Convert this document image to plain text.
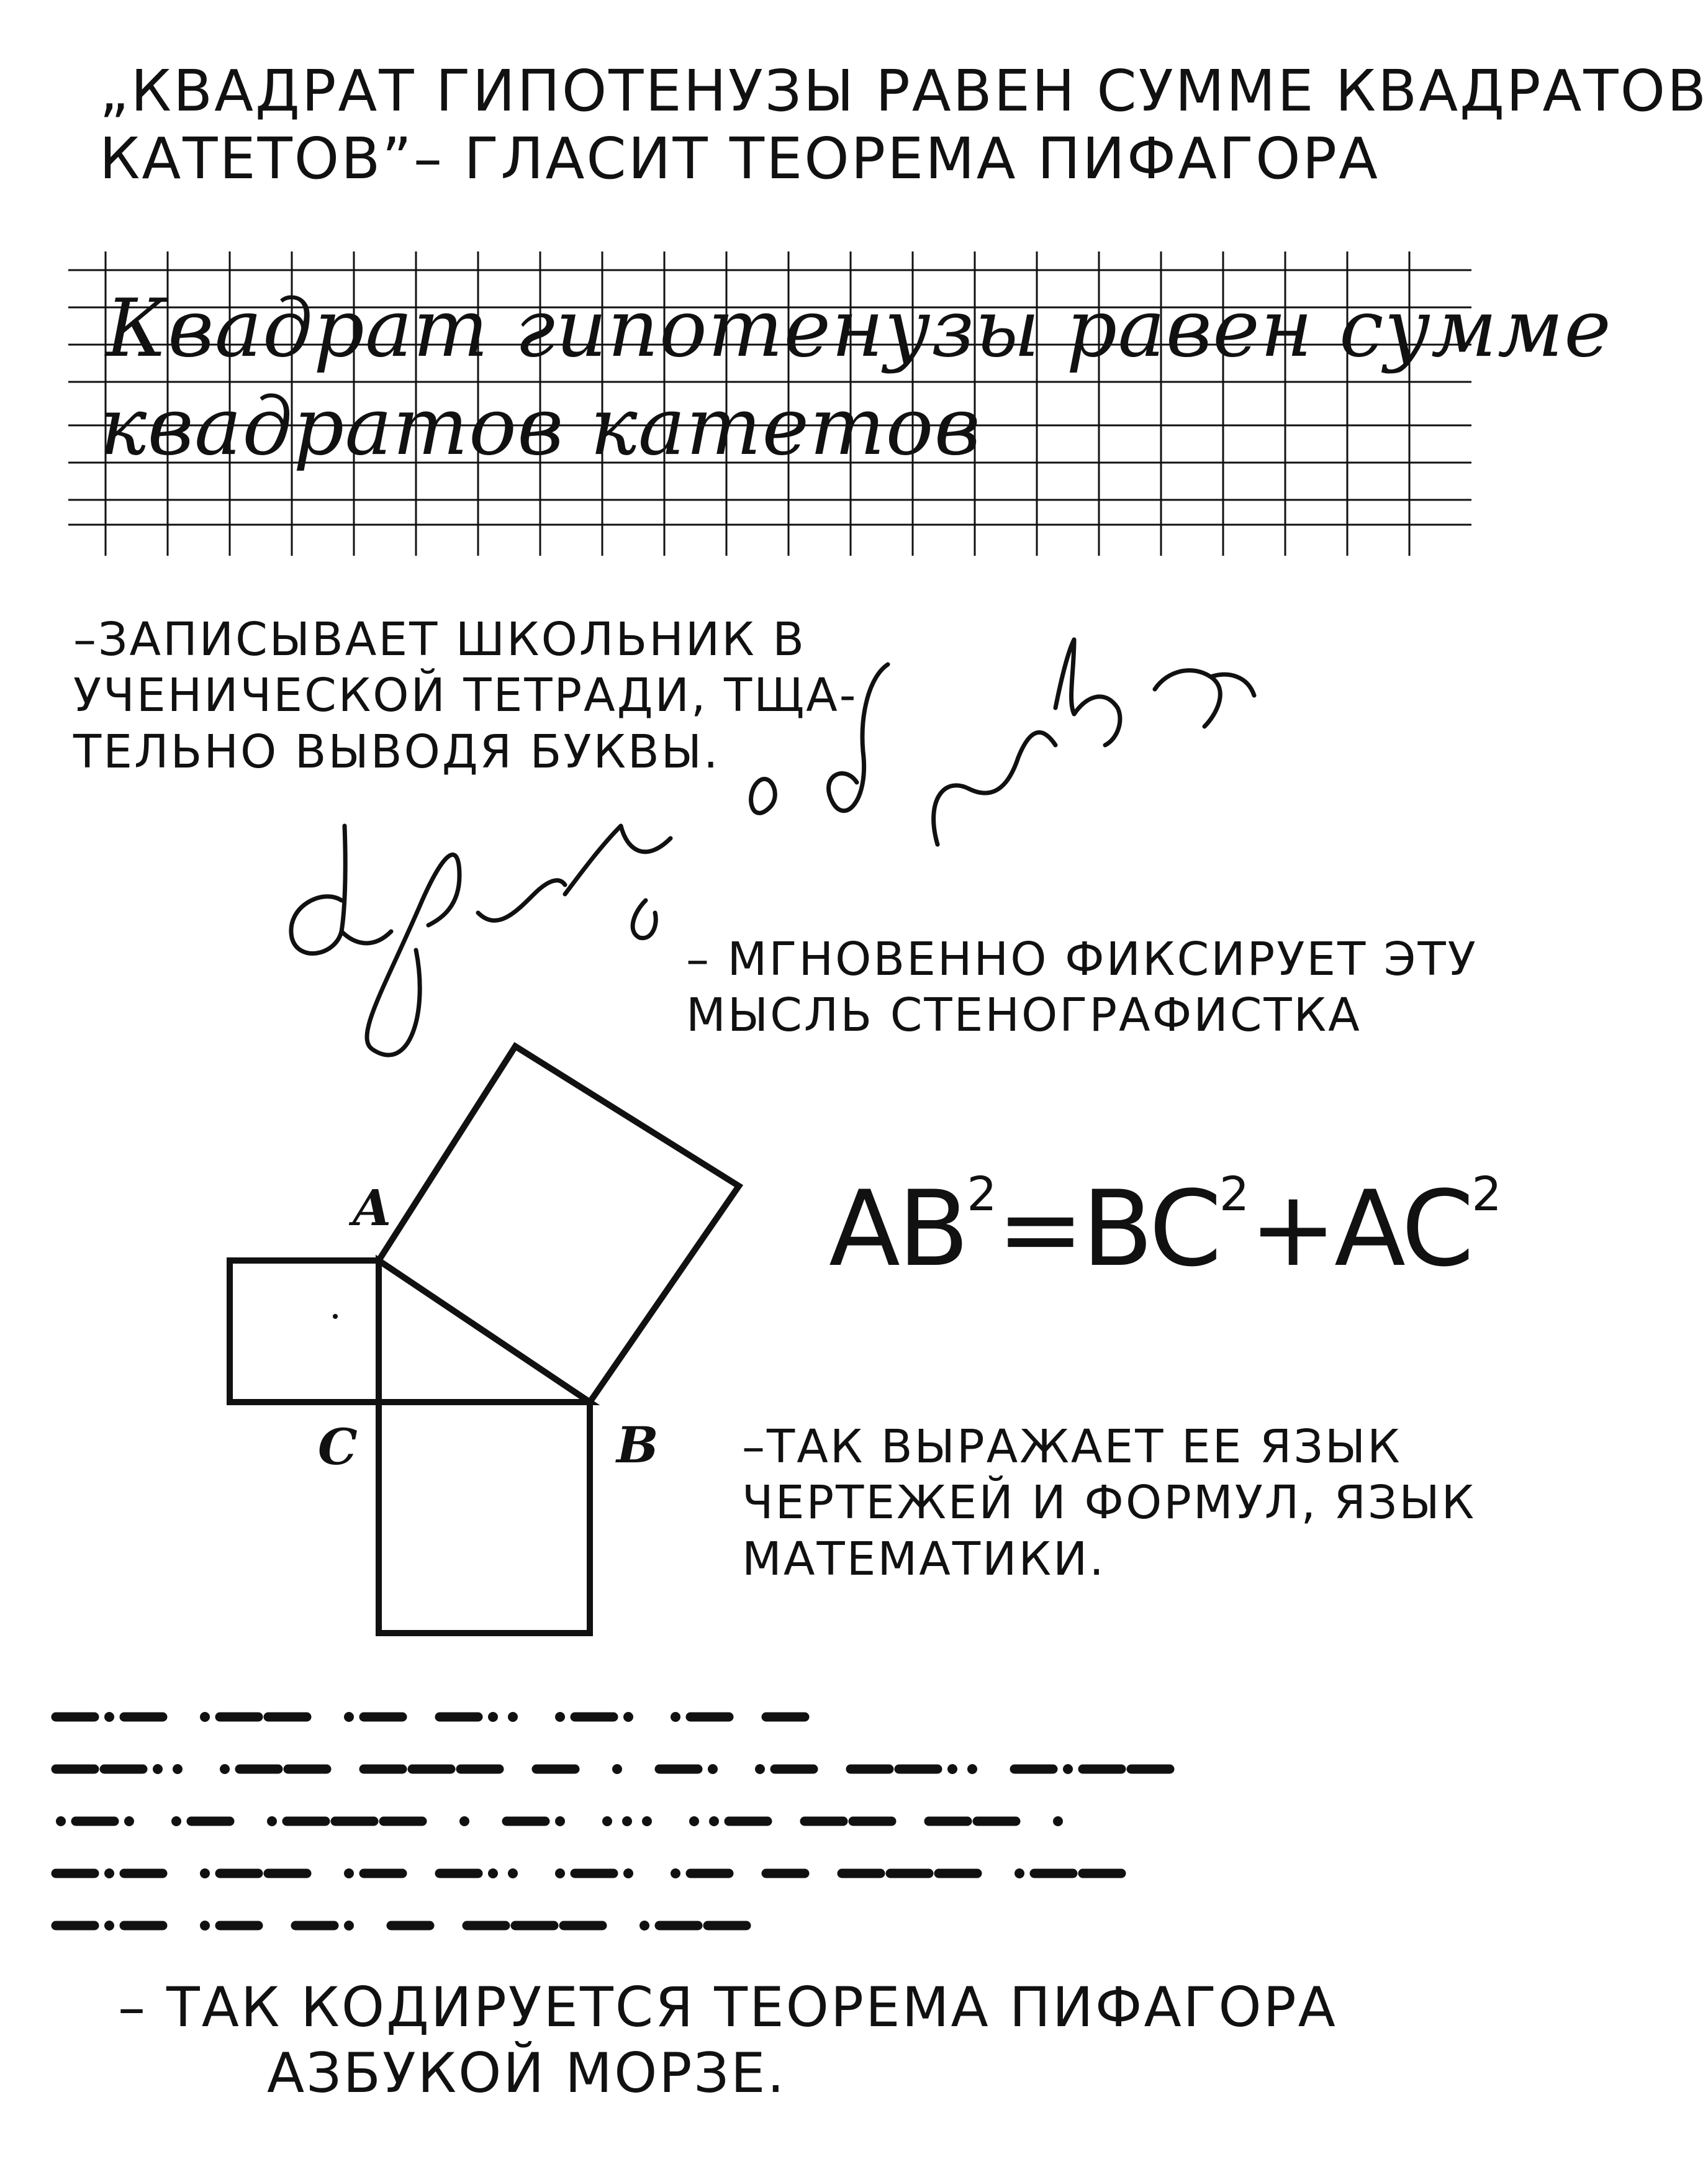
„КВАДРАТ ГИПОТЕНУЗЫ РАВЕН СУММЕ КВАДРАТОВ
КАТЕТОВ”– ГЛАСИТ ТЕОРЕМА ПИФАГОРА
Квадрат гипотенузы равен сумме
квадратов катетов
–ЗАПИСЫВАЕТ ШКОЛЬНИК В
УЧЕНИЧЕСКОЙ ТЕТРАДИ, ТЩА-
ТЕЛЬНО ВЫВОДЯ БУКВЫ.
– МГНОВЕННО ФИКСИРУЕТ ЭТУ
МЫСЛЬ СТЕНОГРАФИСТКА
A
C	B
$AB^2=BC^2+AC^2$
–ТАК ВЫРАЖАЕТ ЕЕ ЯЗЫК
ЧЕРТЕЖЕЙ И ФОРМУЛ, ЯЗЫК
МАТЕМАТИКИ.
– ТАК КОДИРУЕТСЯ ТЕОРЕМА ПИФАГОРА
АЗБУКОЙ МОРЗЕ.
